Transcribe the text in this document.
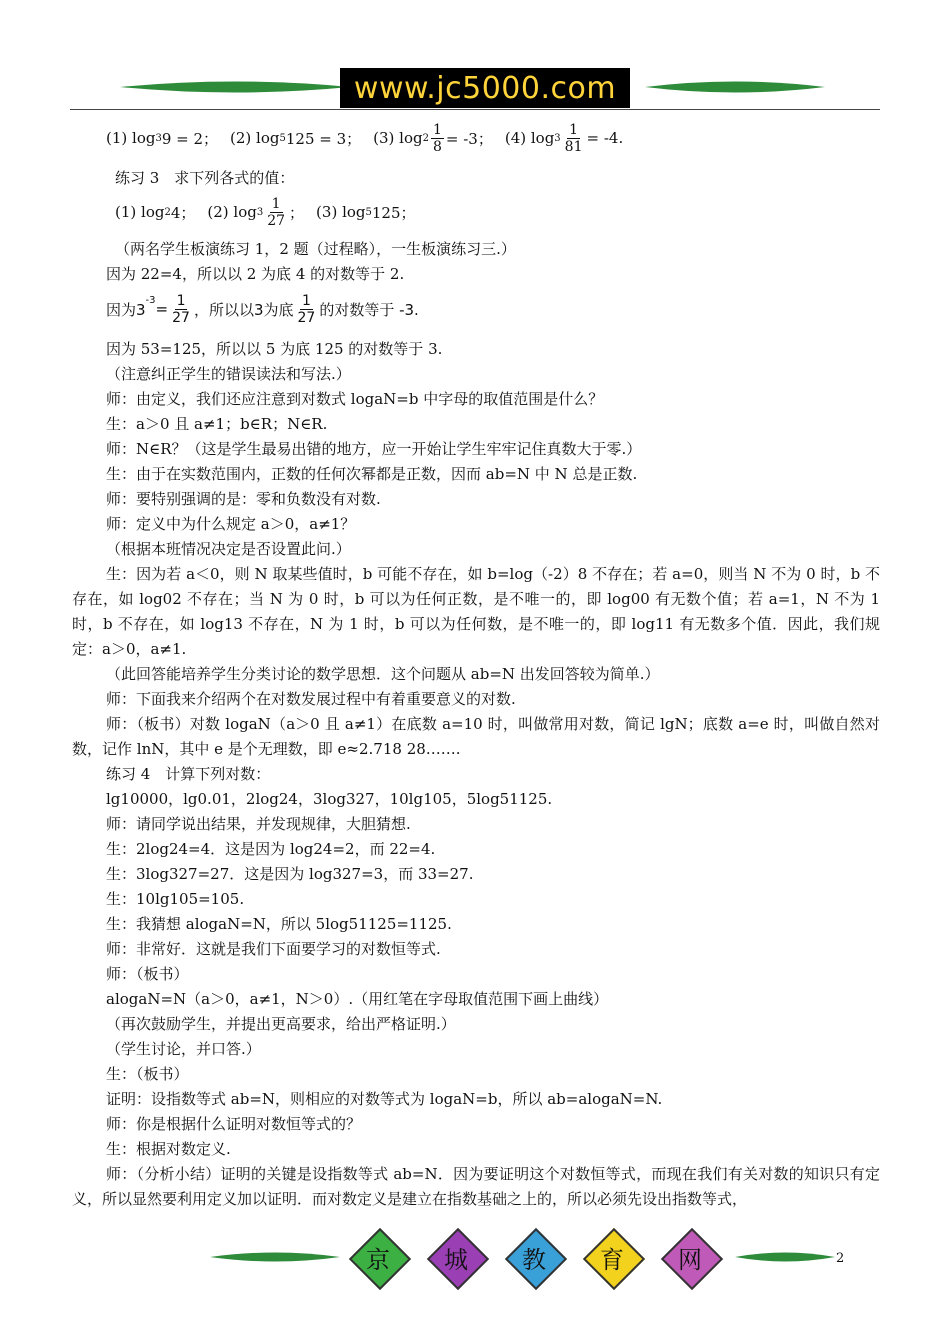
www.jc5000.com
(1) log 3 9 = 2； (2) log 5 125 = 3； (3) $\log 2 \frac{1}{8} = -3$； (4) $\log 3 \frac{1}{81} = -4$.
练习 3　求下列各式的值：
(1) log 2 4； (2) $\log 3 \frac{1}{27}$ ； (3) log 5 125；
（两名学生板演练习 1，2 题（过程略），一生板演练习三.）
因为 22=4，所以以 2 为底 4 的对数等于 2.
因为$3^{-3} = \frac{1}{27}$ ，所以以3为底 $\frac{1}{27}$ 的对数等于 -3.
因为 53=125，所以以 5 为底 125 的对数等于 3.
（注意纠正学生的错误读法和写法.）
师：由定义，我们还应注意到对数式 logaN=b 中字母的取值范围是什么？
生：a＞0 且 a≠1；b∈R；N∈R.
师：N∈R？（这是学生最易出错的地方，应一开始让学生牢牢记住真数大于零.）
生：由于在实数范围内，正数的任何次幂都是正数，因而 ab=N 中 N 总是正数.
师：要特别强调的是：零和负数没有对数.
师：定义中为什么规定 a＞0，a≠1？
（根据本班情况决定是否设置此问.）
生：因为若 a＜0，则 N 取某些值时，b 可能不存在，如 b=log（-2）8 不存在；若 a=0，则当 N 不为 0 时，b 不存在，如 log02 不存在；当 N 为 0 时，b 可以为任何正数，是不唯一的，即 log00 有无数个值；若 a=1，N 不为 1 时，b 不存在，如 log13 不存在，N 为 1 时，b 可以为任何数，是不唯一的，即 log11 有无数多个值．因此，我们规定：a＞0，a≠1.
（此回答能培养学生分类讨论的数学思想．这个问题从 ab=N 出发回答较为简单.）
师：下面我来介绍两个在对数发展过程中有着重要意义的对数.
师：（板书）对数 logaN（a＞0 且 a≠1）在底数 a=10 时，叫做常用对数，简记 lgN；底数 a=e 时，叫做自然对数，记作 lnN，其中 e 是个无理数，即 e≈2.718 28…….
练习 4　计算下列对数：
lg10000，lg0.01，2log24，3log327，10lg105，5log51125.
师：请同学说出结果，并发现规律，大胆猜想.
生：2log24=4．这是因为 log24=2，而 22=4.
生：3log327=27．这是因为 log327=3，而 33=27.
生：10lg105=105.
生：我猜想 alogaN=N，所以 5log51125=1125.
师：非常好．这就是我们下面要学习的对数恒等式.
师：（板书）
alogaN=N（a＞0，a≠1，N＞0）.（用红笔在字母取值范围下画上曲线）
（再次鼓励学生，并提出更高要求，给出严格证明.）
（学生讨论，并口答.）
生：（板书）
证明：设指数等式 ab=N，则相应的对数等式为 logaN=b，所以 ab=alogaN=N.
师：你是根据什么证明对数恒等式的？
生：根据对数定义.
师：（分析小结）证明的关键是设指数等式 ab=N．因为要证明这个对数恒等式，而现在我们有关对数的知识只有定义，所以显然要利用定义加以证明．而对数定义是建立在指数基础之上的，所以必须先设出指数等式，
京	城	教	育	网	2
